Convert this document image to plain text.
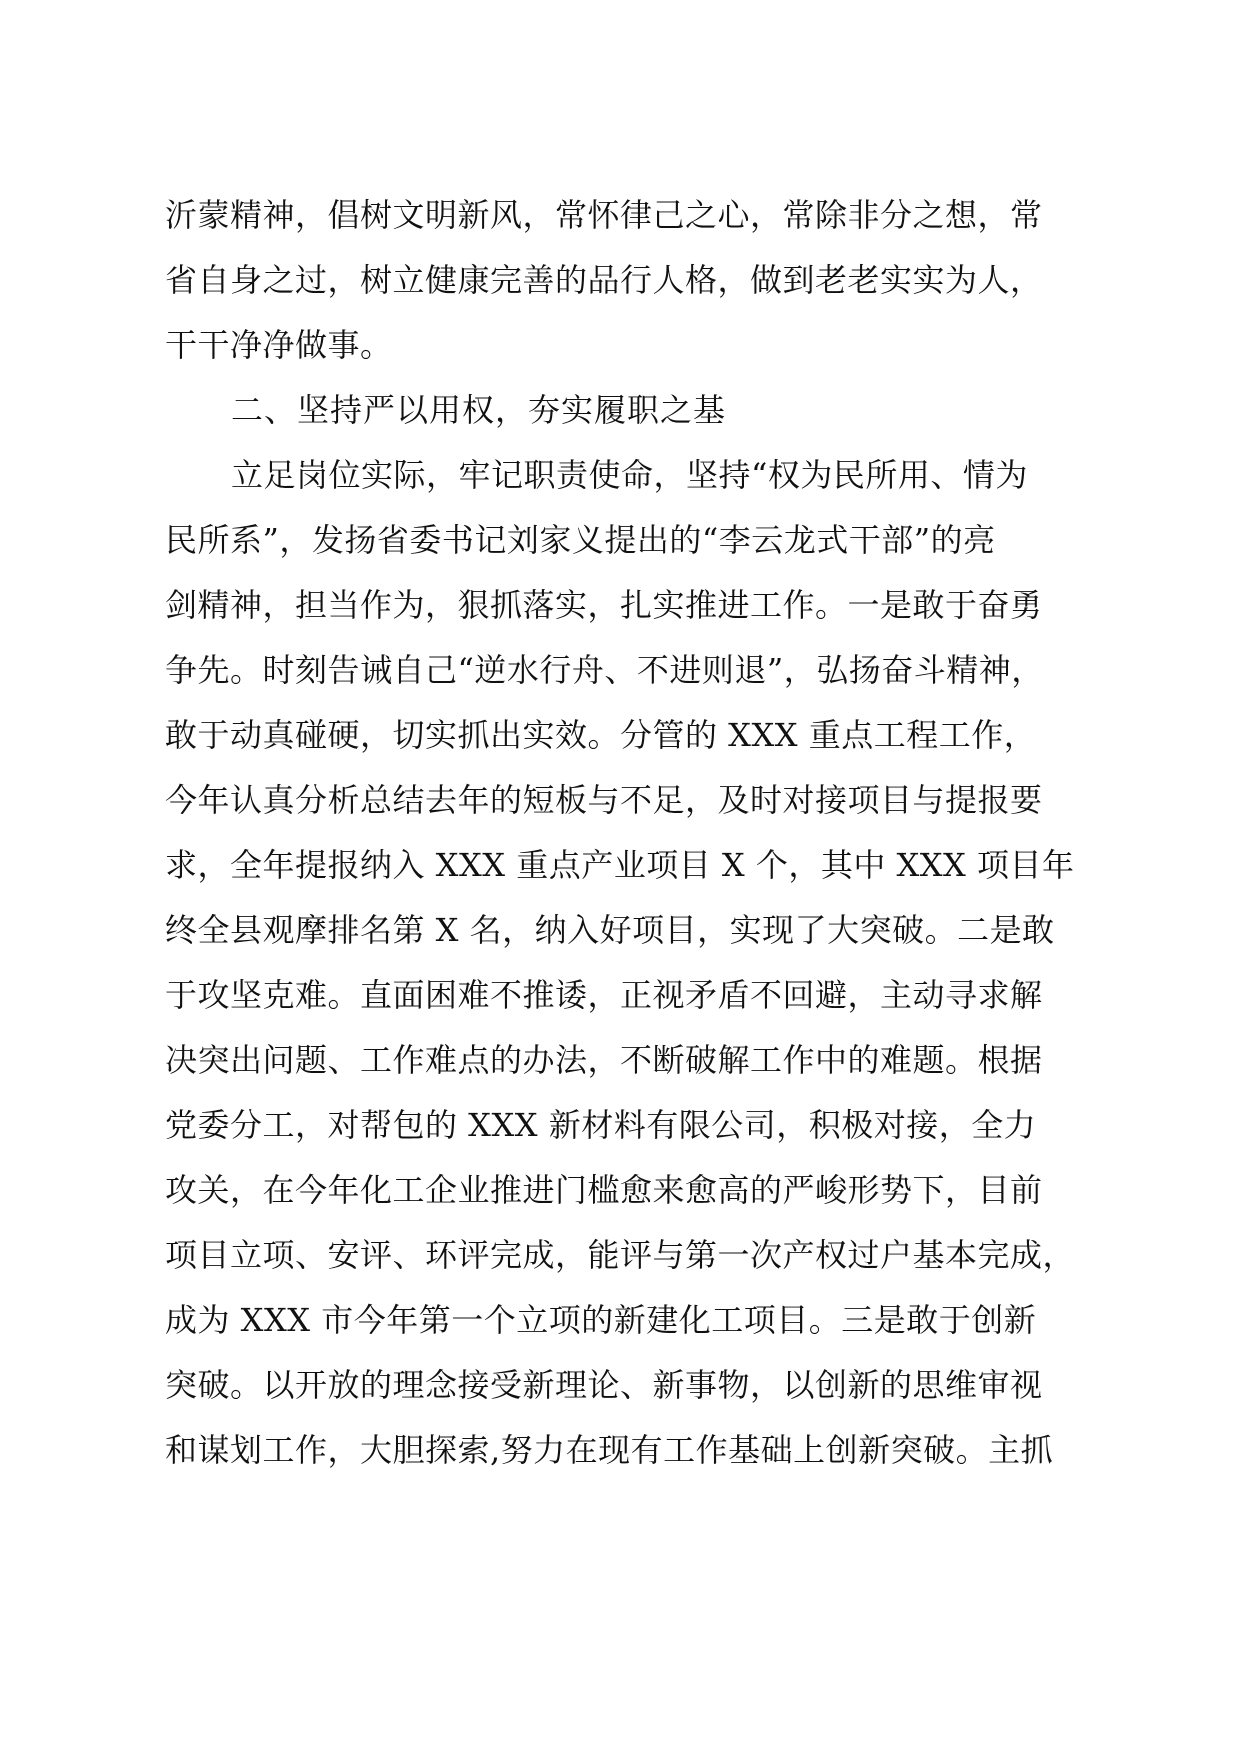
沂蒙精神，倡树文明新风，常怀律己之心，常除非分之想，常
省自身之过，树立健康完善的品行人格，做到老老实实为人，
干干净净做事。
二、坚持严以用权，夯实履职之基
立足岗位实际，牢记职责使命，坚持“权为民所用、情为
民所系”，发扬省委书记刘家义提出的“李云龙式干部”的亮
剑精神，担当作为，狠抓落实，扎实推进工作。一是敢于奋勇
争先。时刻告诫自己“逆水行舟、不进则退”，弘扬奋斗精神，
敢于动真碰硬，切实抓出实效。分管的 XXX 重点工程工作，
今年认真分析总结去年的短板与不足，及时对接项目与提报要
求，全年提报纳入 XXX 重点产业项目 X 个，其中 XXX 项目年
终全县观摩排名第 X 名，纳入好项目，实现了大突破。二是敢
于攻坚克难。直面困难不推诿，正视矛盾不回避，主动寻求解
决突出问题、工作难点的办法，不断破解工作中的难题。根据
党委分工，对帮包的 XXX 新材料有限公司，积极对接，全力
攻关，在今年化工企业推进门槛愈来愈高的严峻形势下，目前
项目立项、安评、环评完成，能评与第一次产权过户基本完成，
成为 XXX 市今年第一个立项的新建化工项目。三是敢于创新
突破。以开放的理念接受新理论、新事物，以创新的思维审视
和谋划工作，大胆探索,努力在现有工作基础上创新突破。主抓
